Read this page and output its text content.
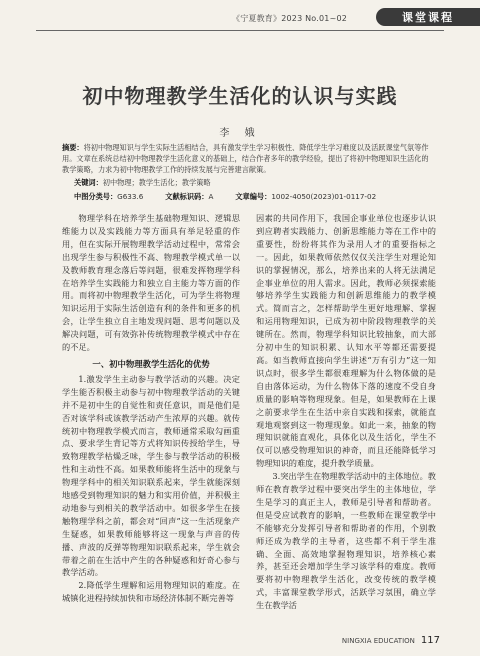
《宁夏教育》2023 No.01~02	课堂课程
初中物理教学生活化的认识与实践
李 娥
摘要：将初中物理知识与学生实际生活相结合，具有激发学生学习积极性、降低学生学习难度以及活跃课堂气氛等作用。文章在系统总结初中物理教学生活化意义的基础上，结合作者多年的教学经验，提出了将初中物理知识生活化的教学策略，力求为初中物理教学工作的持续发展与完善建言献策。
关键词：初中物理；教学生活化；教学策略
中图分类号：G633.6	文献标识码：A	文章编号：1002-4050(2023)01-0117-02

物理学科在培养学生基础物理知识、逻辑思维能力以及实践能力等方面具有举足轻重的作用，但在实际开展物理教学活动过程中，常常会出现学生参与积极性不高、物理教学模式单一以及教师教育理念落后等问题，很难发挥物理学科在培养学生实践能力和独立自主能力等方面的作用。而将初中物理教学生活化，可为学生将物理知识运用于实际生活创造有利的条件和更多的机会，让学生独立自主地发现问题、思考问题以及解决问题，可有效弥补传统物理教学模式中存在的不足。

一、初中物理教学生活化的优势

1.激发学生主动参与教学活动的兴趣。决定学生能否积极主动参与初中物理教学活动的关键并不是初中生的自觉性和责任意识，而是他们是否对该学科或该教学活动产生浓厚的兴趣。就传统初中物理教学模式而言，教师通常采取勾画重点、要求学生背记等方式将知识传授给学生，导致物理教学枯燥乏味，学生参与教学活动的积极性和主动性不高。如果教师能将生活中的现象与物理学科中的相关知识联系起来，学生就能深刻地感受到物理知识的魅力和实用价值，并积极主动地参与到相关的教学活动中。如很多学生在接触物理学科之前，都会对“回声”这一生活现象产生疑惑，如果教师能够将这一现象与声音的传播、声波的反弹等物理知识联系起来，学生就会带着之前在生活中产生的各种疑惑和好奇心参与教学活动。

2.降低学生理解和运用物理知识的难度。在城镇化进程持续加快和市场经济体制不断完善等

因素的共同作用下，我国企事业单位也逐步认识到应聘者实践能力、创新思维能力等在工作中的重要性，纷纷将其作为录用人才的重要指标之一。因此，如果教师依然仅仅关注学生对理论知识的掌握情况，那么，培养出来的人将无法满足企事业单位的用人需求。因此，教师必须探索能够培养学生实践能力和创新思维能力的教学模式。简而言之，怎样帮助学生更好地理解、掌握和运用物理知识，已成为初中阶段物理教学的关键所在。然而，物理学科知识比较抽象，而大部分初中生的知识积累、认知水平等都还需要提高。如当教师直接向学生讲述“万有引力”这一知识点时，很多学生都很难理解为什么物体做的是自由落体运动，为什么物体下落的速度不受自身质量的影响等物理现象。但是，如果教师在上课之前要求学生在生活中亲自实践和探索，就能直观地观察到这一物理现象。如此一来，抽象的物理知识就能直观化，具体化以及生活化，学生不仅可以感受物理知识的神奇，而且还能降低学习物理知识的难度，提升教学质量。

3.突出学生在物理教学活动中的主体地位。教师在教育教学过程中要突出学生的主体地位，学生是学习的真正主人，教师是引导者和帮助者。但是受应试教育的影响，一些教师在课堂教学中不能够充分发挥引导者和帮助者的作用，个别教师还成为教学的主导者，这些都不利于学生准确、全面、高效地掌握物理知识，培养核心素养，甚至还会增加学生学习该学科的难度。教师要将初中物理教学生活化，改变传统的教学模式，丰富课堂教学形式，活跃学习氛围，确立学生在教学活

NINGXIA EDUCATION 117
